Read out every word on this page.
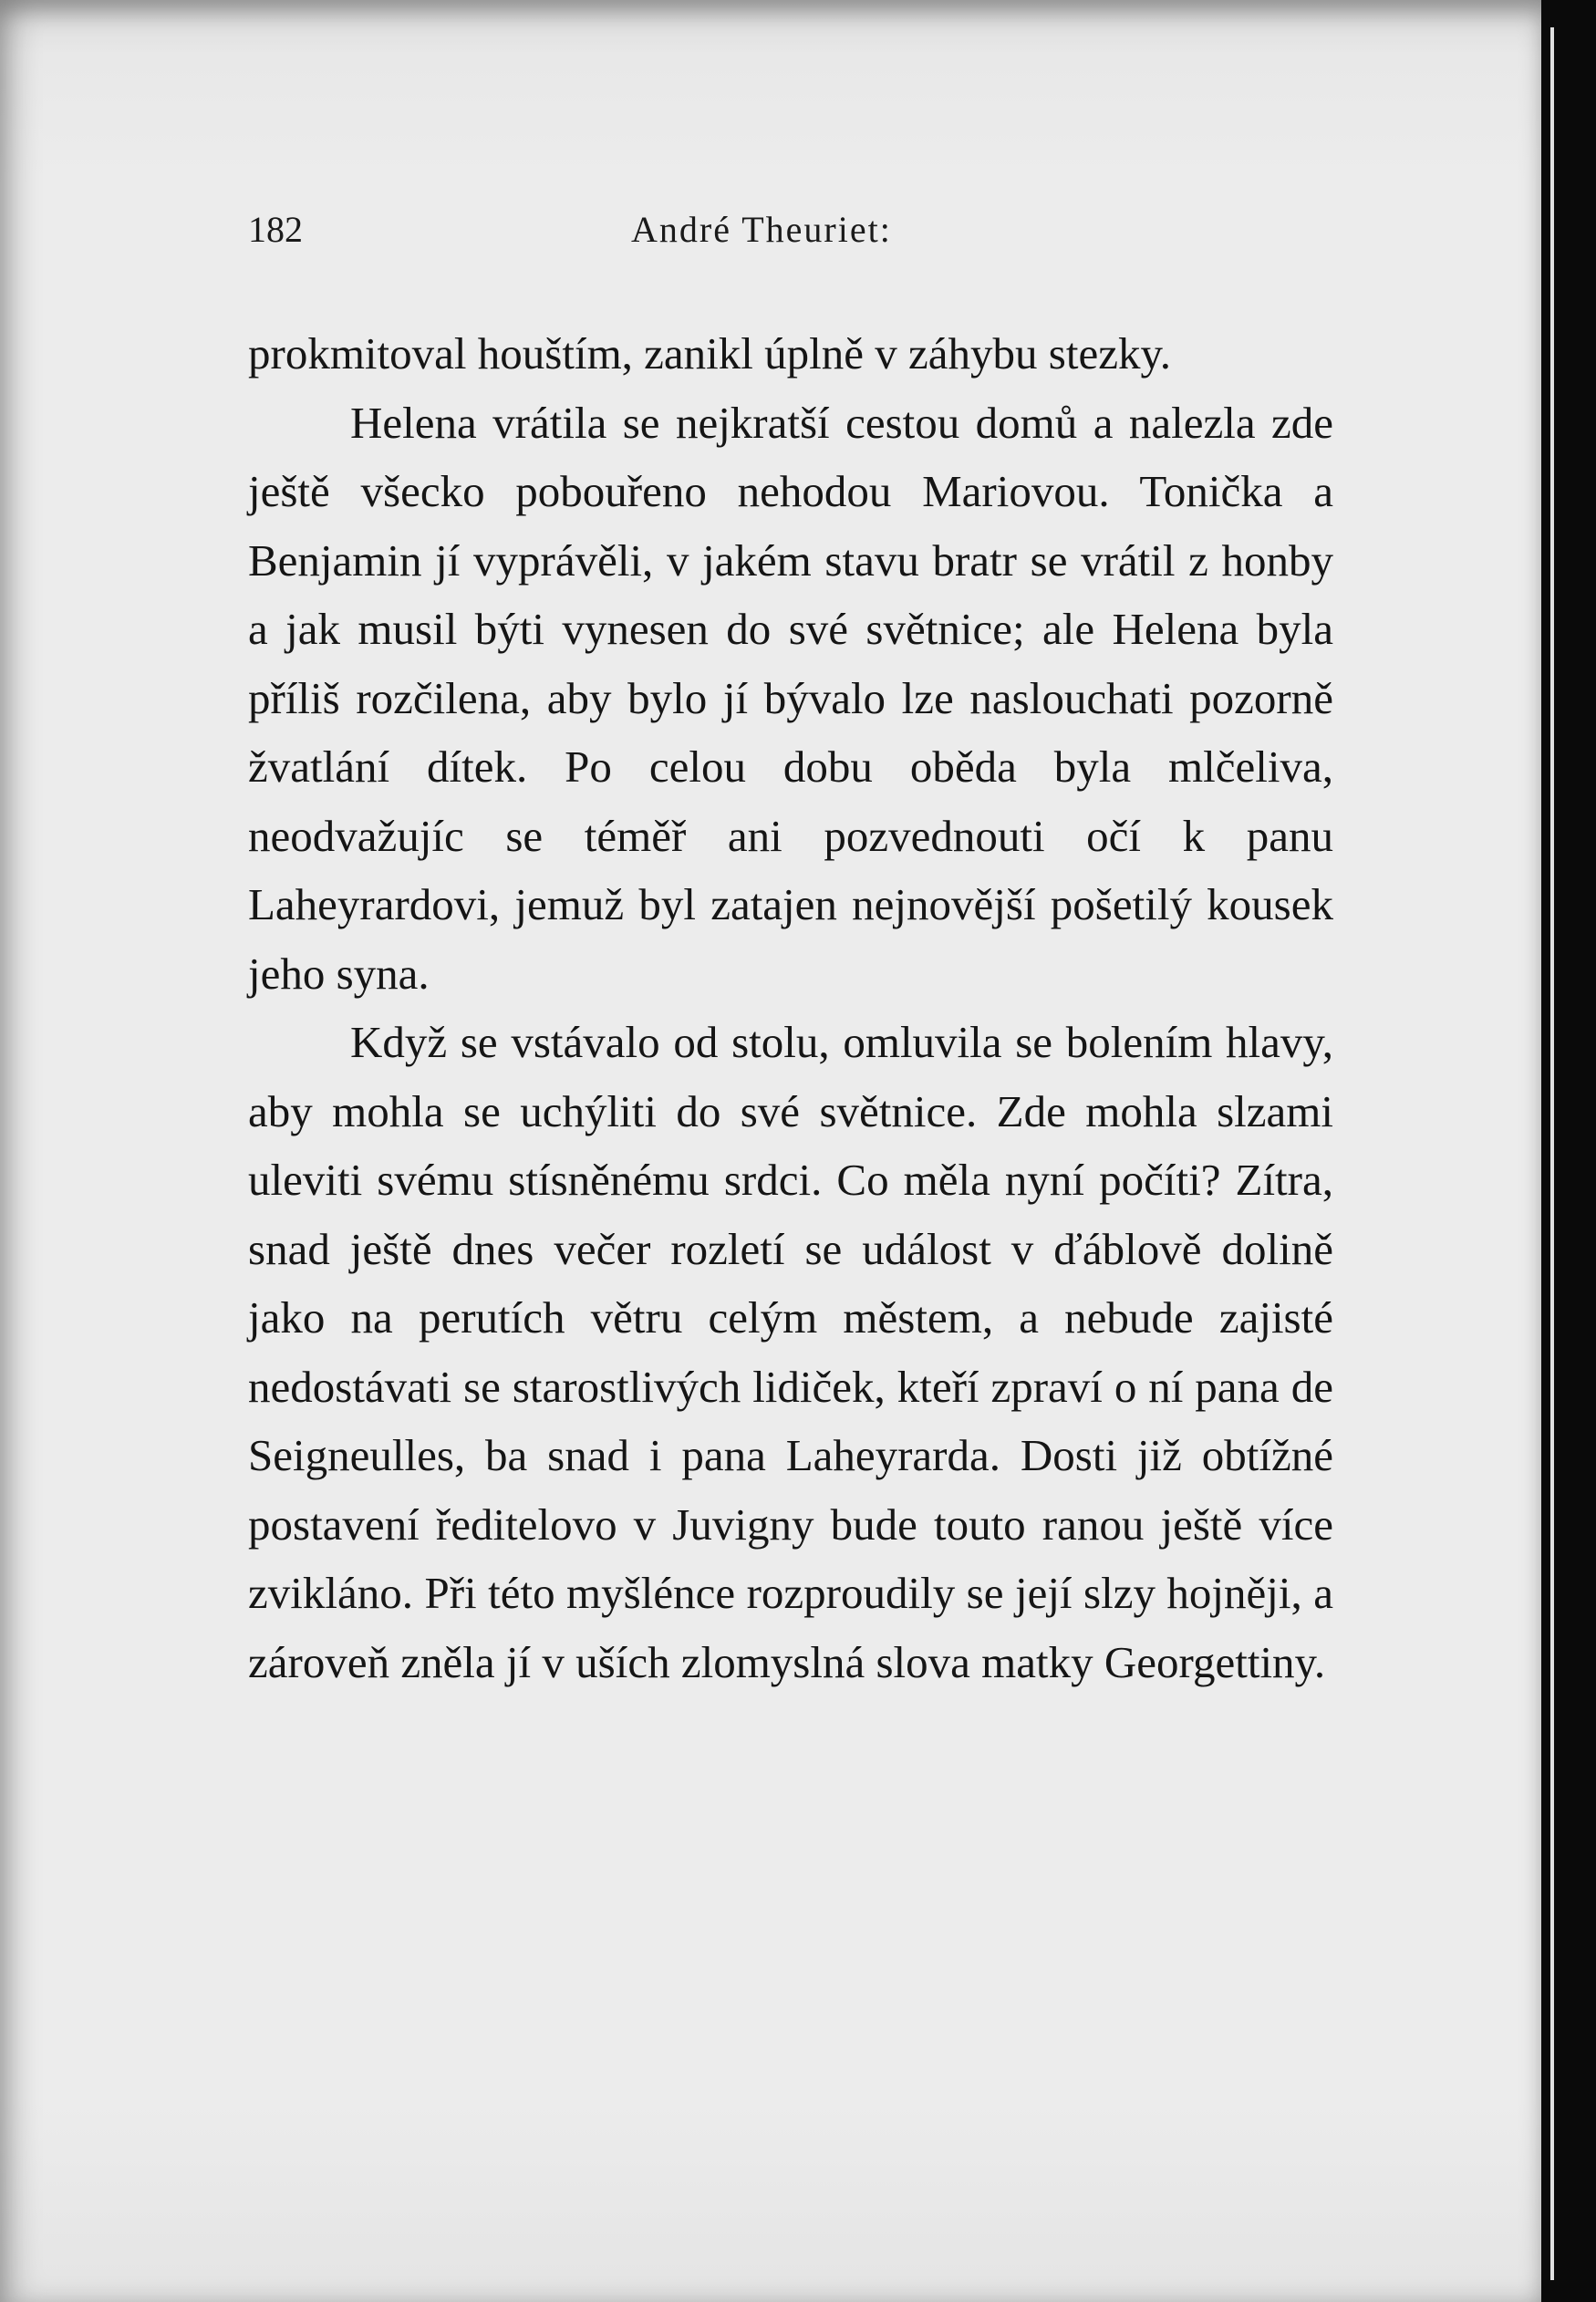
182	André Theuriet:

prokmitoval houštím, zanikl úplně v záhybu stezky.

Helena vrátila se nejkratší cestou domů a nalezla zde ještě všecko pobouřeno nehodou Mariovou. Tonička a Benjamin jí vyprávěli, v jakém stavu bratr se vrátil z honby a jak musil býti vynesen do své světnice; ale Helena byla příliš rozčilena, aby bylo jí bývalo lze naslouchati pozorně žvatlání dítek. Po celou dobu oběda byla mlčeliva, neodvažujíc se téměř ani pozvednouti očí k panu Laheyrardovi, jemuž byl zatajen nejnovější pošetilý kousek jeho syna.

Když se vstávalo od stolu, omluvila se bolením hlavy, aby mohla se uchýliti do své světnice. Zde mohla slzami uleviti svému stísněnému srdci. Co měla nyní počíti? Zítra, snad ještě dnes večer rozletí se událost v ďáblově dolině jako na perutích větru celým městem, a nebude zajisté nedostávati se starostlivých lidiček, kteří zpraví o ní pana de Seigneulles, ba snad i pana Laheyrarda. Dosti již obtížné postavení ředitelovo v Juvigny bude touto ranou ještě více zvikláno. Při této myšlénce rozproudily se její slzy hojněji, a zároveň zněla jí v uších zlomyslná slova matky Georgettiny.
